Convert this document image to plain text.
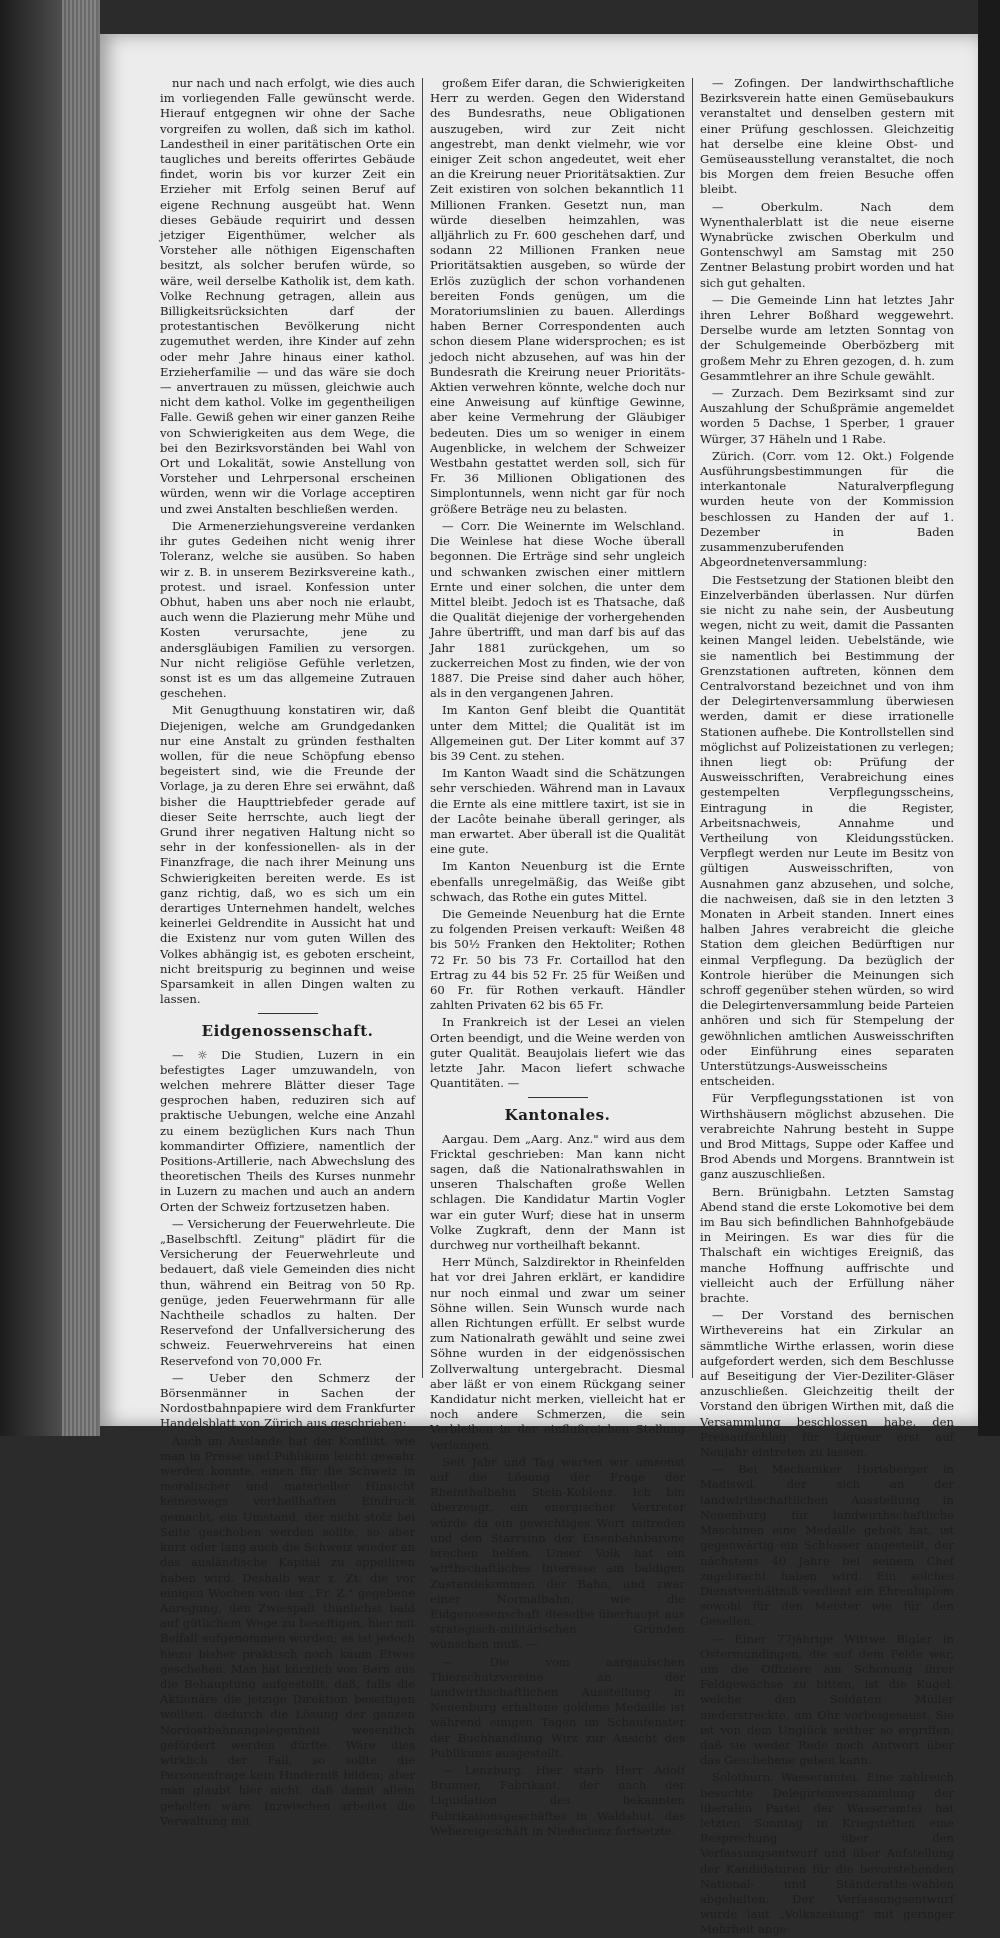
nur nach und nach erfolgt, wie dies auch im vorliegenden Falle gewünscht werde. Hierauf entgegnen wir ohne der Sache vorgreifen zu wollen, daß sich im kathol. Landestheil in einer paritätischen Orte ein taugliches und bereits offerirtes Gebäude findet, worin bis vor kurzer Zeit ein Erzieher mit Erfolg seinen Beruf auf eigene Rechnung ausgeübt hat. Wenn dieses Gebäude requirirt und dessen jetziger Eigenthümer, welcher als Vorsteher alle nöthigen Eigenschaften besitzt, als solcher berufen würde, so wäre, weil derselbe Katholik ist, dem kath. Volke Rechnung getragen, allein aus Billigkeitsrücksichten darf der protestantischen Bevölkerung nicht zugemuthet werden, ihre Kinder auf zehn oder mehr Jahre hinaus einer kathol. Erzieherfamilie — und das wäre sie doch — anvertrauen zu müssen, gleichwie auch nicht dem kathol. Volke im gegentheiligen Falle. Gewiß gehen wir einer ganzen Reihe von Schwierigkeiten aus dem Wege, die bei den Bezirksvorständen bei Wahl von Ort und Lokalität, sowie Anstellung von Vorsteher und Lehrpersonal erscheinen würden, wenn wir die Vorlage acceptiren und zwei Anstalten beschließen werden.

Die Armenerziehungsvereine verdanken ihr gutes Gedeihen nicht wenig ihrer Toleranz, welche sie ausüben. So haben wir z. B. in unserem Bezirksvereine kath., protest. und israel. Konfession unter Obhut, haben uns aber noch nie erlaubt, auch wenn die Plazierung mehr Mühe und Kosten verursachte, jene zu andersgläubigen Familien zu versorgen. Nur nicht religiöse Gefühle verletzen, sonst ist es um das allgemeine Zutrauen geschehen.

Mit Genugthuung konstatiren wir, daß Diejenigen, welche am Grundgedanken nur eine Anstalt zu gründen festhalten wollen, für die neue Schöpfung ebenso begeistert sind, wie die Freunde der Vorlage, ja zu deren Ehre sei erwähnt, daß bisher die Haupttriebfeder gerade auf dieser Seite herrschte, auch liegt der Grund ihrer negativen Haltung nicht so sehr in der konfessionellen- als in der Finanzfrage, die nach ihrer Meinung uns Schwierigkeiten bereiten werde. Es ist ganz richtig, daß, wo es sich um ein derartiges Unternehmen handelt, welches keinerlei Geldrendite in Aussicht hat und die Existenz nur vom guten Willen des Volkes abhängig ist, es geboten erscheint, nicht breitspurig zu beginnen und weise Sparsamkeit in allen Dingen walten zu lassen.

Eidgenossenschaft.

— ☼ Die Studien, Luzern in ein befestigtes Lager umzuwandeln, von welchen mehrere Blätter dieser Tage gesprochen haben, reduziren sich auf praktische Uebungen, welche eine Anzahl zu einem bezüglichen Kurs nach Thun kommandirter Offiziere, namentlich der Positions-Artillerie, nach Abwechslung des theoretischen Theils des Kurses nunmehr in Luzern zu machen und auch an andern Orten der Schweiz fortzusetzen haben.

— Versicherung der Feuerwehrleute. Die „Baselbschftl. Zeitung" plädirt für die Versicherung der Feuerwehrleute und bedauert, daß viele Gemeinden dies nicht thun, während ein Beitrag von 50 Rp. genüge, jeden Feuerwehrmann für alle Nachtheile schadlos zu halten. Der Reservefond der Unfallversicherung des schweiz. Feuerwehrvereins hat einen Reservefond von 70,000 Fr.

— Ueber den Schmerz der Börsenmänner in Sachen der Nordostbahnpapiere wird dem Frankfurter Handelsblatt von Zürich aus geschrieben:

Auch im Auslande hat der Konflikt, wie man in Presse und Publikum leicht gewahr werden konnte, einen für die Schweiz in moralischer und materieller Hinsicht keineswegs vortheilhaften Eindruck gemacht, ein Umstand, der nicht stolz bei Seite geschoben werden sollte, so aber kurz oder lang auch die Schweiz wieder an das ausländische Kapital zu appelliren haben wird. Deshalb war z. Zt. die vor einigen Wochen von der „Fr. Z." gegebene Anregung, den Zwiespalt thunlichst bald auf gütlichem Wege zu beseitigen, hier mit Beifall aufgenommen worden; es ist jedoch hiezu bisher praktisch noch kaum Etwas geschehen. Man hat kürzlich von Bern aus die Behauptung aufgestellt, daß, falls die Aktionäre die jetzige Direktion beseitigen wollten, dadurch die Lösung der ganzen Nordostbahnangelegenheit wesentlich gefördert werden dürfte. Wäre dies wirklich der Fall, so sollte die Personenfrage kein Hinderniß bilden; aber man glaubt hier nicht, daß damit allein geholfen wäre. Inzwischen arbeitet die Verwaltung mit

großem Eifer daran, die Schwierigkeiten Herr zu werden. Gegen den Widerstand des Bundesraths, neue Obligationen auszugeben, wird zur Zeit nicht angestrebt, man denkt vielmehr, wie vor einiger Zeit schon angedeutet, weit eher an die Kreirung neuer Prioritätsaktien. Zur Zeit existiren von solchen bekanntlich 11 Millionen Franken. Gesetzt nun, man würde dieselben heimzahlen, was alljährlich zu Fr. 600 geschehen darf, und sodann 22 Millionen Franken neue Prioritätsaktien ausgeben, so würde der Erlös zuzüglich der schon vorhandenen bereiten Fonds genügen, um die Moratoriumslinien zu bauen. Allerdings haben Berner Correspondenten auch schon diesem Plane widersprochen; es ist jedoch nicht abzusehen, auf was hin der Bundesrath die Kreirung neuer Prioritäts-Aktien verwehren könnte, welche doch nur eine Anweisung auf künftige Gewinne, aber keine Vermehrung der Gläubiger bedeuten. Dies um so weniger in einem Augenblicke, in welchem der Schweizer Westbahn gestattet werden soll, sich für Fr. 36 Millionen Obligationen des Simplontunnels, wenn nicht gar für noch größere Beträge neu zu belasten.

— Corr. Die Weinernte im Welschland. Die Weinlese hat diese Woche überall begonnen. Die Erträge sind sehr ungleich und schwanken zwischen einer mittlern Ernte und einer solchen, die unter dem Mittel bleibt. Jedoch ist es Thatsache, daß die Qualität diejenige der vorhergehenden Jahre übertrifft, und man darf bis auf das Jahr 1881 zurückgehen, um so zuckerreichen Most zu finden, wie der von 1887. Die Preise sind daher auch höher, als in den vergangenen Jahren.

Im Kanton Genf bleibt die Quantität unter dem Mittel; die Qualität ist im Allgemeinen gut. Der Liter kommt auf 37 bis 39 Cent. zu stehen.

Im Kanton Waadt sind die Schätzungen sehr verschieden. Während man in Lavaux die Ernte als eine mittlere taxirt, ist sie in der Lacôte beinahe überall geringer, als man erwartet. Aber überall ist die Qualität eine gute.

Im Kanton Neuenburg ist die Ernte ebenfalls unregelmäßig, das Weiße gibt schwach, das Rothe ein gutes Mittel.

Die Gemeinde Neuenburg hat die Ernte zu folgenden Preisen verkauft: Weißen 48 bis 50½ Franken den Hektoliter; Rothen 72 Fr. 50 bis 73 Fr. Cortaillod hat den Ertrag zu 44 bis 52 Fr. 25 für Weißen und 60 Fr. für Rothen verkauft. Händler zahlten Privaten 62 bis 65 Fr.

In Frankreich ist der Lesei an vielen Orten beendigt, und die Weine werden von guter Qualität. Beaujolais liefert wie das letzte Jahr. Macon liefert schwache Quantitäten. —

Kantonales.

Aargau. Dem „Aarg. Anz." wird aus dem Fricktal geschrieben: Man kann nicht sagen, daß die Nationalrathswahlen in unseren Thalschaften große Wellen schlagen. Die Kandidatur Martin Vogler war ein guter Wurf; diese hat in unserm Volke Zugkraft, denn der Mann ist durchweg nur vortheilhaft bekannt.

Herr Münch, Salzdirektor in Rheinfelden hat vor drei Jahren erklärt, er kandidire nur noch einmal und zwar um seiner Söhne willen. Sein Wunsch wurde nach allen Richtungen erfüllt. Er selbst wurde zum Nationalrath gewählt und seine zwei Söhne wurden in der eidgenössischen Zollverwaltung untergebracht. Diesmal aber läßt er von einem Rückgang seiner Kandidatur nicht merken, vielleicht hat er noch andere Schmerzen, die sein Verbleiben in der einflußreichen Stellung verlangen.

Seit Jahr und Tag warten wir umsonst auf die Lösung der Frage der Rheinthalbahn Stein-Koblenz. Ich bin überzeugt, ein energischer Vertreter würde da ein gewichtiges Wort mitreden und den Starrsinn der Eisenbahnbarone brechen helfen. Unser Volk hat ein wirthschaftliches Interesse am baldigen Zustandekommen der Bahn, und zwar einer Normalbahn, wie die Eidgenossenschaft dieselbe überhaupt aus strategisch-militärischen Gründen wünschen muß. —

— Die vom aargauischen Thierschutzvereine an der landwirthschaftlichen Ausstellung in Neuenburg erhaltene goldene Medaille ist während einigen Tagen im Schaufenster der Buchhandlung Wirz zur Ansicht des Publikums ausgestellt.

— Lenzburg. Hier starb Herr Adolf Brunner, Fabrikant, der nach der Liquidation des bekannten Fabrikationsgeschäftes in Waldshut, das Webereigeschäft in Niederlenz fortsetzte.

— Zofingen. Der landwirthschaftliche Bezirksverein hatte einen Gemüsebaukurs veranstaltet und denselben gestern mit einer Prüfung geschlossen. Gleichzeitig hat derselbe eine kleine Obst- und Gemüseausstellung veranstaltet, die noch bis Morgen dem freien Besuche offen bleibt.

— Oberkulm. Nach dem Wynenthalerblatt ist die neue eiserne Wynabrücke zwischen Oberkulm und Gontenschwyl am Samstag mit 250 Zentner Belastung probirt worden und hat sich gut gehalten.

— Die Gemeinde Linn hat letztes Jahr ihren Lehrer Boßhard weggewehrt. Derselbe wurde am letzten Sonntag von der Schulgemeinde Oberbözberg mit großem Mehr zu Ehren gezogen, d. h. zum Gesammtlehrer an ihre Schule gewählt.

— Zurzach. Dem Bezirksamt sind zur Auszahlung der Schußprämie angemeldet worden 5 Dachse, 1 Sperber, 1 grauer Würger, 37 Häheln und 1 Rabe.

Zürich. (Corr. vom 12. Okt.) Folgende Ausführungsbestimmungen für die interkantonale Naturalverpflegung wurden heute von der Kommission beschlossen zu Handen der auf 1. Dezember in Baden zusammenzuberufenden Abgeordnetenversammlung:

Die Festsetzung der Stationen bleibt den Einzelverbänden überlassen. Nur dürfen sie nicht zu nahe sein, der Ausbeutung wegen, nicht zu weit, damit die Passanten keinen Mangel leiden. Uebelstände, wie sie namentlich bei Bestimmung der Grenzstationen auftreten, können dem Centralvorstand bezeichnet und von ihm der Delegirtenversammlung überwiesen werden, damit er diese irrationelle Stationen aufhebe. Die Kontrollstellen sind möglichst auf Polizeistationen zu verlegen; ihnen liegt ob: Prüfung der Ausweisschriften, Verabreichung eines gestempelten Verpflegungsscheins, Eintragung in die Register, Arbeitsnachweis, Annahme und Vertheilung von Kleidungsstücken. Verpflegt werden nur Leute im Besitz von gültigen Ausweisschriften, von Ausnahmen ganz abzusehen, und solche, die nachweisen, daß sie in den letzten 3 Monaten in Arbeit standen. Innert eines halben Jahres verabreicht die gleiche Station dem gleichen Bedürftigen nur einmal Verpflegung. Da bezüglich der Kontrole hierüber die Meinungen sich schroff gegenüber stehen würden, so wird die Delegirtenversammlung beide Parteien anhören und sich für Stempelung der gewöhnlichen amtlichen Ausweisschriften oder Einführung eines separaten Unterstützungs-Ausweisscheins entscheiden.

Für Verpflegungsstationen ist von Wirthshäusern möglichst abzusehen. Die verabreichte Nahrung besteht in Suppe und Brod Mittags, Suppe oder Kaffee und Brod Abends und Morgens. Branntwein ist ganz auszuschließen.

Bern. Brünigbahn. Letzten Samstag Abend stand die erste Lokomotive bei dem im Bau sich befindlichen Bahnhofgebäude in Meiringen. Es war dies für die Thalschaft ein wichtiges Ereigniß, das manche Hoffnung auffrischte und vielleicht auch der Erfüllung näher brachte.

— Der Vorstand des bernischen Wirthevereins hat ein Zirkular an sämmtliche Wirthe erlassen, worin diese aufgefordert werden, sich dem Beschlusse auf Beseitigung der Vier-Deziliter-Gläser anzuschließen. Gleichzeitig theilt der Vorstand den übrigen Wirthen mit, daß die Versammlung beschlossen habe, den Preisaufschlag für Liqueur erst auf Neujahr eintreten zu lassen.

— Bei Mechaniker Horisberger in Madiswil, der sich an der landwirthschaftlichen Ausstellung in Neuenburg für landwirthschaftliche Maschinen eine Medaille geholt hat, ist gegenwärtig ein Schlosser angestellt, der nächstens 40 Jahre bei seinem Chef zugebracht haben wird. Ein solches Dienstverhältniß verdient ein Ehrenbiplom sowohl für den Meister wie für den Gesellen.

— Einer 77jährige Wittwe Bigler in Ostermundingen, die auf dem Felde war, um die Offiziere am Schonung ihrer Feldgewächse zu bitten, ist die Kugel, welche den Soldaten Müller niederstreckte, am Ohr vorbeigesaust. Sie ist von dem Unglück seither so ergriffen, daß sie weder Rede noch Antwort über das Geschehene geben kann.

Solothurn. Wasseramtei. Eine zahlreich besuchte Delegirtenversammlung der liberalen Partei der Wasseramtei hat letzten Sonntag in Kriegstetten eine Besprechung über den Verfassungsentwurf und über Aufstellung der Kandidaturen für die bevorstehenden National- und Ständeraths-wahlen abgehalten. Der Verfassungsentwurf wurde laut „Volkszeitung" mit geringer Mehrheit ange-
